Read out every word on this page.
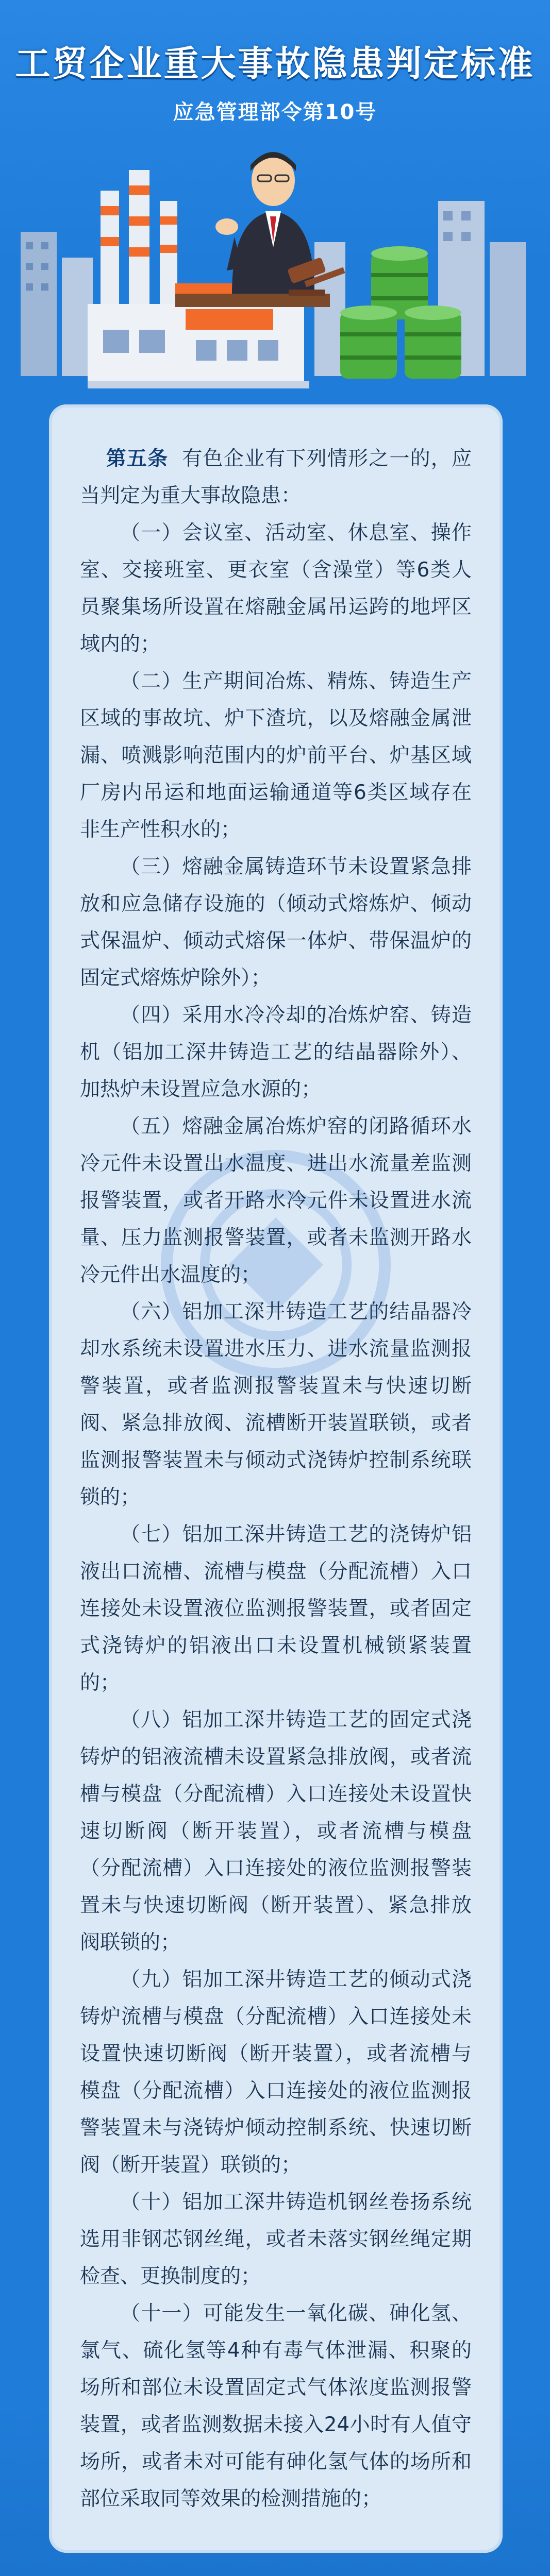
工贸企业重大事故隐患判定标准
应急管理部令第10号

第五条 有色企业有下列情形之一的，应当判定为重大事故隐患：

（一）会议室、活动室、休息室、操作室、交接班室、更衣室（含澡堂）等6类人员聚集场所设置在熔融金属吊运跨的地坪区域内的；

（二）生产期间冶炼、精炼、铸造生产区域的事故坑、炉下渣坑，以及熔融金属泄漏、喷溅影响范围内的炉前平台、炉基区域厂房内吊运和地面运输通道等6类区域存在非生产性积水的；

（三）熔融金属铸造环节未设置紧急排放和应急储存设施的（倾动式熔炼炉、倾动式保温炉、倾动式熔保一体炉、带保温炉的固定式熔炼炉除外）；

（四）采用水冷冷却的冶炼炉窑、铸造机（铝加工深井铸造工艺的结晶器除外）、加热炉未设置应急水源的；

（五）熔融金属冶炼炉窑的闭路循环水冷元件未设置出水温度、进出水流量差监测报警装置，或者开路水冷元件未设置进水流量、压力监测报警装置，或者未监测开路水冷元件出水温度的；

（六）铝加工深井铸造工艺的结晶器冷却水系统未设置进水压力、进水流量监测报警装置，或者监测报警装置未与快速切断阀、紧急排放阀、流槽断开装置联锁，或者监测报警装置未与倾动式浇铸炉控制系统联锁的；

（七）铝加工深井铸造工艺的浇铸炉铝液出口流槽、流槽与模盘（分配流槽）入口连接处未设置液位监测报警装置，或者固定式浇铸炉的铝液出口未设置机械锁紧装置的；

（八）铝加工深井铸造工艺的固定式浇铸炉的铝液流槽未设置紧急排放阀，或者流槽与模盘（分配流槽）入口连接处未设置快速切断阀（断开装置），或者流槽与模盘（分配流槽）入口连接处的液位监测报警装置未与快速切断阀（断开装置）、紧急排放阀联锁的；

（九）铝加工深井铸造工艺的倾动式浇铸炉流槽与模盘（分配流槽）入口连接处未设置快速切断阀（断开装置），或者流槽与模盘（分配流槽）入口连接处的液位监测报警装置未与浇铸炉倾动控制系统、快速切断阀（断开装置）联锁的；

（十）铝加工深井铸造机钢丝卷扬系统选用非钢芯钢丝绳，或者未落实钢丝绳定期检查、更换制度的；

（十一）可能发生一氧化碳、砷化氢、氯气、硫化氢等4种有毒气体泄漏、积聚的场所和部位未设置固定式气体浓度监测报警装置，或者监测数据未接入24小时有人值守场所，或者未对可能有砷化氢气体的场所和部位采取同等效果的检测措施的；
